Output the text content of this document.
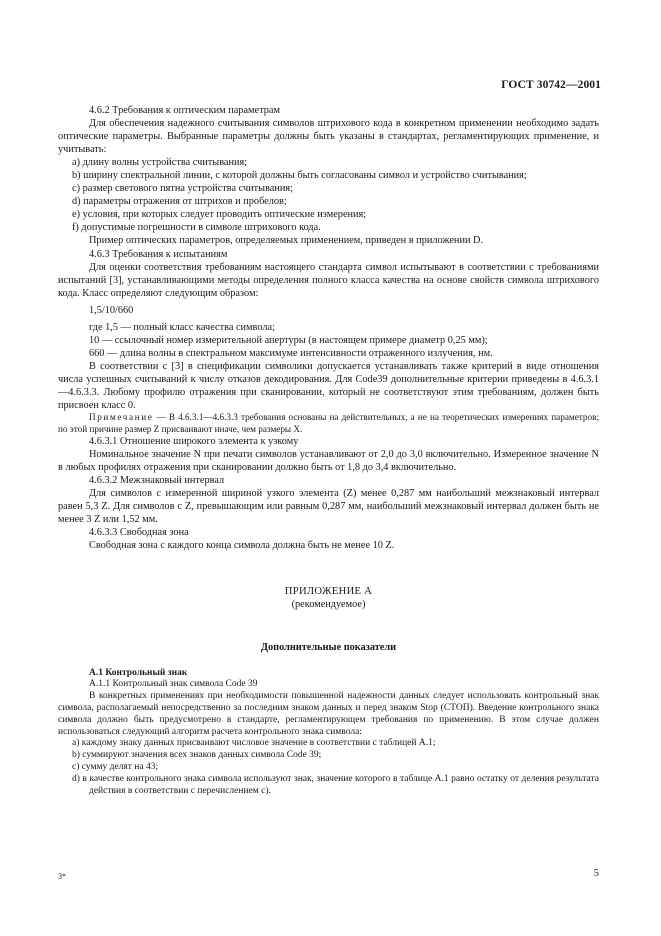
ГОСТ 30742—2001

4.6.2 Требования к оптическим параметрам

Для обеспечения надежного считывания символов штрихового кода в конкретном применении необходимо задать оптические параметры. Выбранные параметры должны быть указаны в стандартах, регламентирующих применение, и учитывать:

a) длину волны устройства считывания;

b) ширину спектральной линии, с которой должны быть согласованы символ и устройство считывания;

c) размер светового пятна устройства считывания;

d) параметры отражения от штрихов и пробелов;

e) условия, при которых следует проводить оптические измерения;

f) допустимые погрешности в символе штрихового кода.

Пример оптических параметров, определяемых применением, приведен в приложении D.

4.6.3 Требования к испытаниям

Для оценки соответствия требованиям настоящего стандарта символ испытывают в соответствии с требованиями испытаний [3], устанавливающими методы определения полного класса качества на основе свойств символа штрихового кода. Класс определяют следующим образом:

1,5/10/660

где 1,5 — полный класс качества символа;

10 — ссылочный номер измерительной апертуры (в настоящем примере диаметр 0,25 мм);

660 — длина волны в спектральном максимуме интенсивности отраженного излучения, нм.

В соответствии с [3] в спецификации символики допускается устанавливать также критерий в виде отношения числа успешных считываний к числу отказов декодирования. Для Code39 дополнительные критерии приведены в 4.6.3.1—4.6.3.3. Любому профилю отражения при сканировании, который не соответствуют этим требованиям, должен быть присвоен класс 0.

Примечание — В 4.6.3.1—4.6.3.3 требования основаны на действительных, а не на теоретических измерениях параметров; по этой причине размер Z присваивают иначе, чем размеры X.

4.6.3.1 Отношение широкого элемента к узкому

Номинальное значение N при печати символов устанавливают от 2,0 до 3,0 включительно. Измеренное значение N в любых профилях отражения при сканировании должно быть от 1,8 до 3,4 включительно.

4.6.3.2 Межзнаковый интервал

Для символов с измеренной шириной узкого элемента (Z) менее 0,287 мм наибольший межзнаковый интервал равен 5,3 Z. Для символов с Z, превышающим или равным 0,287 мм, наибольший межзнаковый интервал должен быть не менее 3 Z или 1,52 мм.

4.6.3.3 Свободная зона

Свободная зона с каждого конца символа должна быть не менее 10 Z.

ПРИЛОЖЕНИЕ А

(рекомендуемое)

Дополнительные показатели

А.1 Контрольный знак

А.1.1 Контрольный знак символа Code 39

В конкретных применениях при необходимости повышенной надежности данных следует использовать контрольный знак символа, располагаемый непосредственно за последним знаком данных и перед знаком Stop (СТОП). Введение контрольного знака символа должно быть предусмотрено в стандарте, регламентирующем требования по применению. В этом случае должен использоваться следующий алгоритм расчета контрольного знака символа:

а) каждому знаку данных присваивают числовое значение в соответствии с таблицей А.1;

b) суммируют значения всех знаков данных символа Code 39;

c) сумму делят на 43;

d) в качестве контрольного знака символа используют знак, значение которого в таблице А.1 равно остатку от деления результата действия в соответствии с перечислением с).

3*	5
